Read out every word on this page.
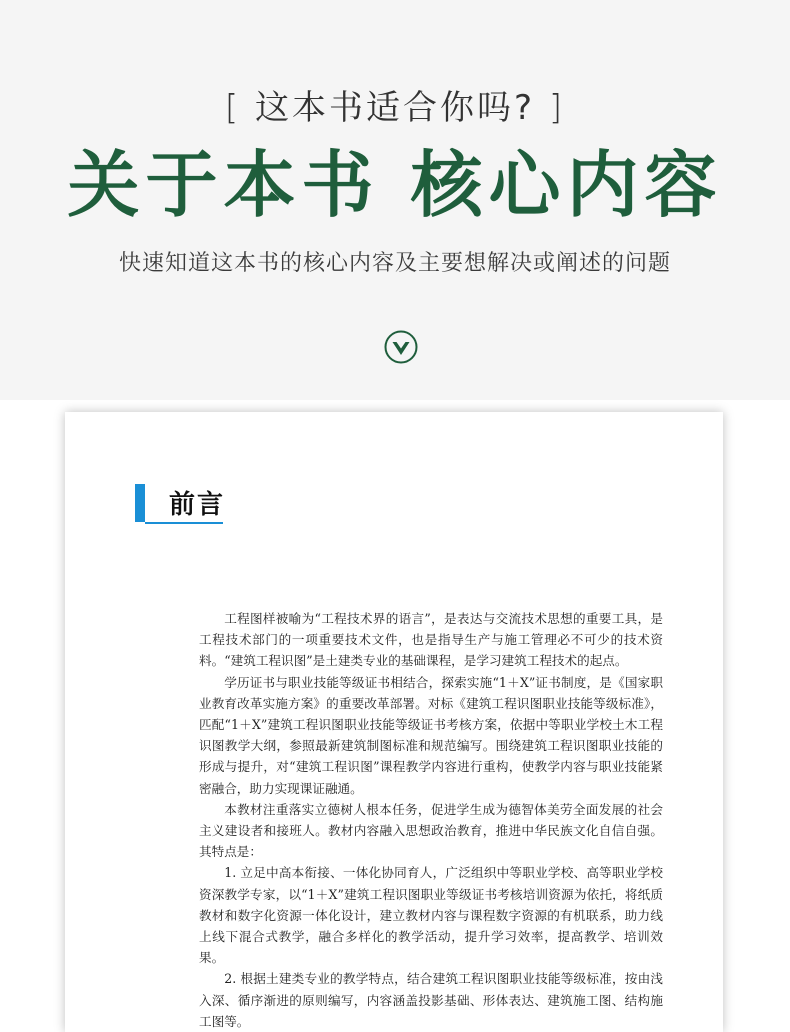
[ 这本书适合你吗? ]
关于本书 核心内容
快速知道这本书的核心内容及主要想解决或阐述的问题
前言

工程图样被喻为“工程技术界的语言”，是表达与交流技术思想的重要工具，是工程技术部门的一项重要技术文件，也是指导生产与施工管理必不可少的技术资料。“建筑工程识图”是土建类专业的基础课程，是学习建筑工程技术的起点。

学历证书与职业技能等级证书相结合，探索实施“1＋X”证书制度，是《国家职业教育改革实施方案》的重要改革部署。对标《建筑工程识图职业技能等级标准》，匹配“1＋X”建筑工程识图职业技能等级证书考核方案，依据中等职业学校土木工程识图教学大纲，参照最新建筑制图标准和规范编写。围绕建筑工程识图职业技能的形成与提升，对“建筑工程识图”课程教学内容进行重构，使教学内容与职业技能紧密融合，助力实现课证融通。

本教材注重落实立德树人根本任务，促进学生成为德智体美劳全面发展的社会主义建设者和接班人。教材内容融入思想政治教育，推进中华民族文化自信自强。其特点是：

1. 立足中高本衔接、一体化协同育人，广泛组织中等职业学校、高等职业学校资深教学专家，以“1＋X”建筑工程识图职业等级证书考核培训资源为依托，将纸质教材和数字化资源一体化设计，建立教材内容与课程数字资源的有机联系，助力线上线下混合式教学，融合多样化的教学活动，提升学习效率，提高教学、培训效果。

2. 根据土建类专业的教学特点，结合建筑工程识图职业技能等级标准，按由浅入深、循序渐进的原则编写，内容涵盖投影基础、形体表达、建筑施工图、结构施工图等。
